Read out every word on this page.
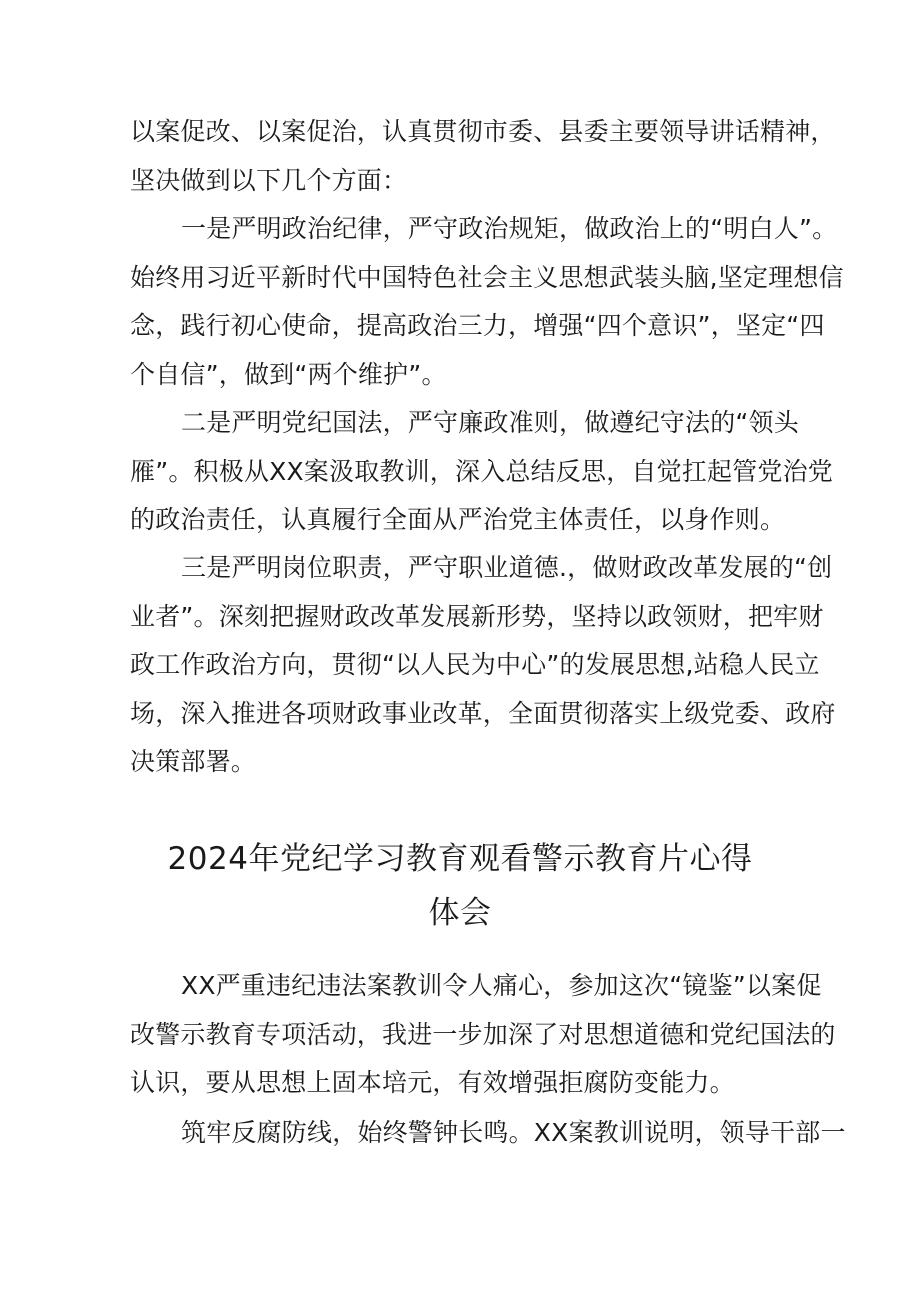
以案促改、以案促治，认真贯彻市委、县委主要领导讲话精神，
坚决做到以下几个方面：
一是严明政治纪律，严守政治规矩，做政治上的“明白人”。
始终用习近平新时代中国特色社会主义思想武装头脑,坚定理想信
念，践行初心使命，提高政治三力，增强“四个意识”，坚定“四
个自信”，做到“两个维护”。
二是严明党纪国法，严守廉政准则，做遵纪守法的“领头
雁”。积极从XX案汲取教训，深入总结反思，自觉扛起管党治党
的政治责任，认真履行全面从严治党主体责任，以身作则。
三是严明岗位职责，严守职业道德.，做财政改革发展的“创
业者”。深刻把握财政改革发展新形势，坚持以政领财，把牢财
政工作政治方向，贯彻“以人民为中心”的发展思想,站稳人民立
场，深入推进各项财政事业改革，全面贯彻落实上级党委、政府
决策部署。
2024年党纪学习教育观看警示教育片心得
体会
XX严重违纪违法案教训令人痛心，参加这次“镜鉴”以案促
改警示教育专项活动，我进一步加深了对思想道德和党纪国法的
认识，要从思想上固本培元，有效增强拒腐防变能力。
筑牢反腐防线，始终警钟长鸣。XX案教训说明，领导干部一
